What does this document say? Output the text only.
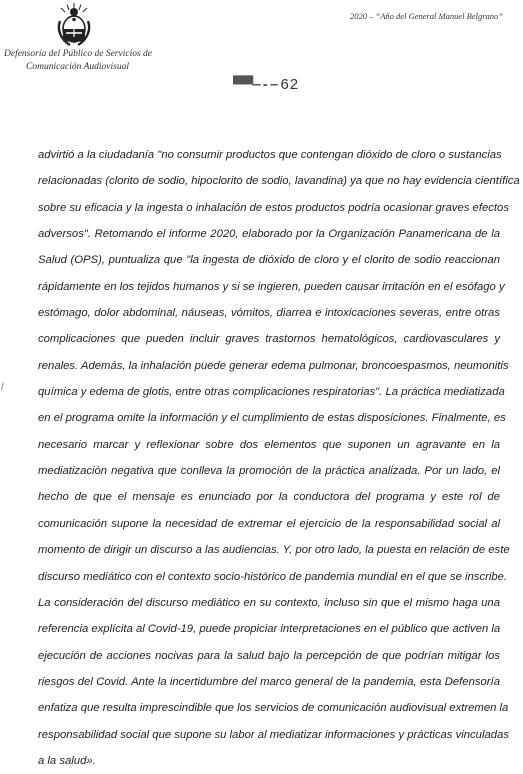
Defensoría del Público de Servicios de
Comunicación Audiovisual
2020 – “Año del General Manuel Belgrano”
▀▀‒ ‐ – 62
/
advirtió a la ciudadanía "no consumir productos que contengan dióxido de cloro o sustancias
relacionadas (clorito de sodio, hipoclorito de sodio, lavandina) ya que no hay evidencia científica
sobre su eficacia y la ingesta o inhalación de estos productos podría ocasionar graves efectos
adversos". Retomando el informe 2020, elaborado por la Organización Panamericana de la
Salud (OPS), puntualiza que "la ingesta de dióxido de cloro y el clorito de sodio reaccionan
rápidamente en los tejidos humanos y si se ingieren, pueden causar irritación en el esófago y
estómago, dolor abdominal, náuseas, vómitos, diarrea e intoxicaciones severas, entre otras
complicaciones que pueden incluir graves trastornos hematológicos, cardiovasculares y
renales. Además, la inhalación puede generar edema pulmonar, broncoespasmos, neumonitis
química y edema de glotis, entre otras complicaciones respiratorias". La práctica mediatizada
en el programa omite la información y el cumplimiento de estas disposiciones. Finalmente, es
necesario marcar y reflexionar sobre dos elementos que suponen un agravante en la
mediatización negativa que conlleva la promoción de la práctica analizada. Por un lado, el
hecho de que el mensaje es enunciado por la conductora del programa y este rol de
comunicación supone la necesidad de extremar el ejercicio de la responsabilidad social al
momento de dirigir un discurso a las audiencias. Y, por otro lado, la puesta en relación de este
discurso mediático con el contexto socio-histórico de pandemia mundial en el que se inscribe.
La consideración del discurso mediático en su contexto, incluso sin que el mismo haga una
referencia explícita al Covid-19, puede propiciar interpretaciones en el público que activen la
ejecución de acciones nocivas para la salud bajo la percepción de que podrían mitigar los
riesgos del Covid. Ante la incertidumbre del marco general de la pandemia, esta Defensoría
enfatiza que resulta imprescindible que los servicios de comunicación audiovisual extremen la
responsabilidad social que supone su labor al mediatizar informaciones y prácticas vinculadas
a la salud».
